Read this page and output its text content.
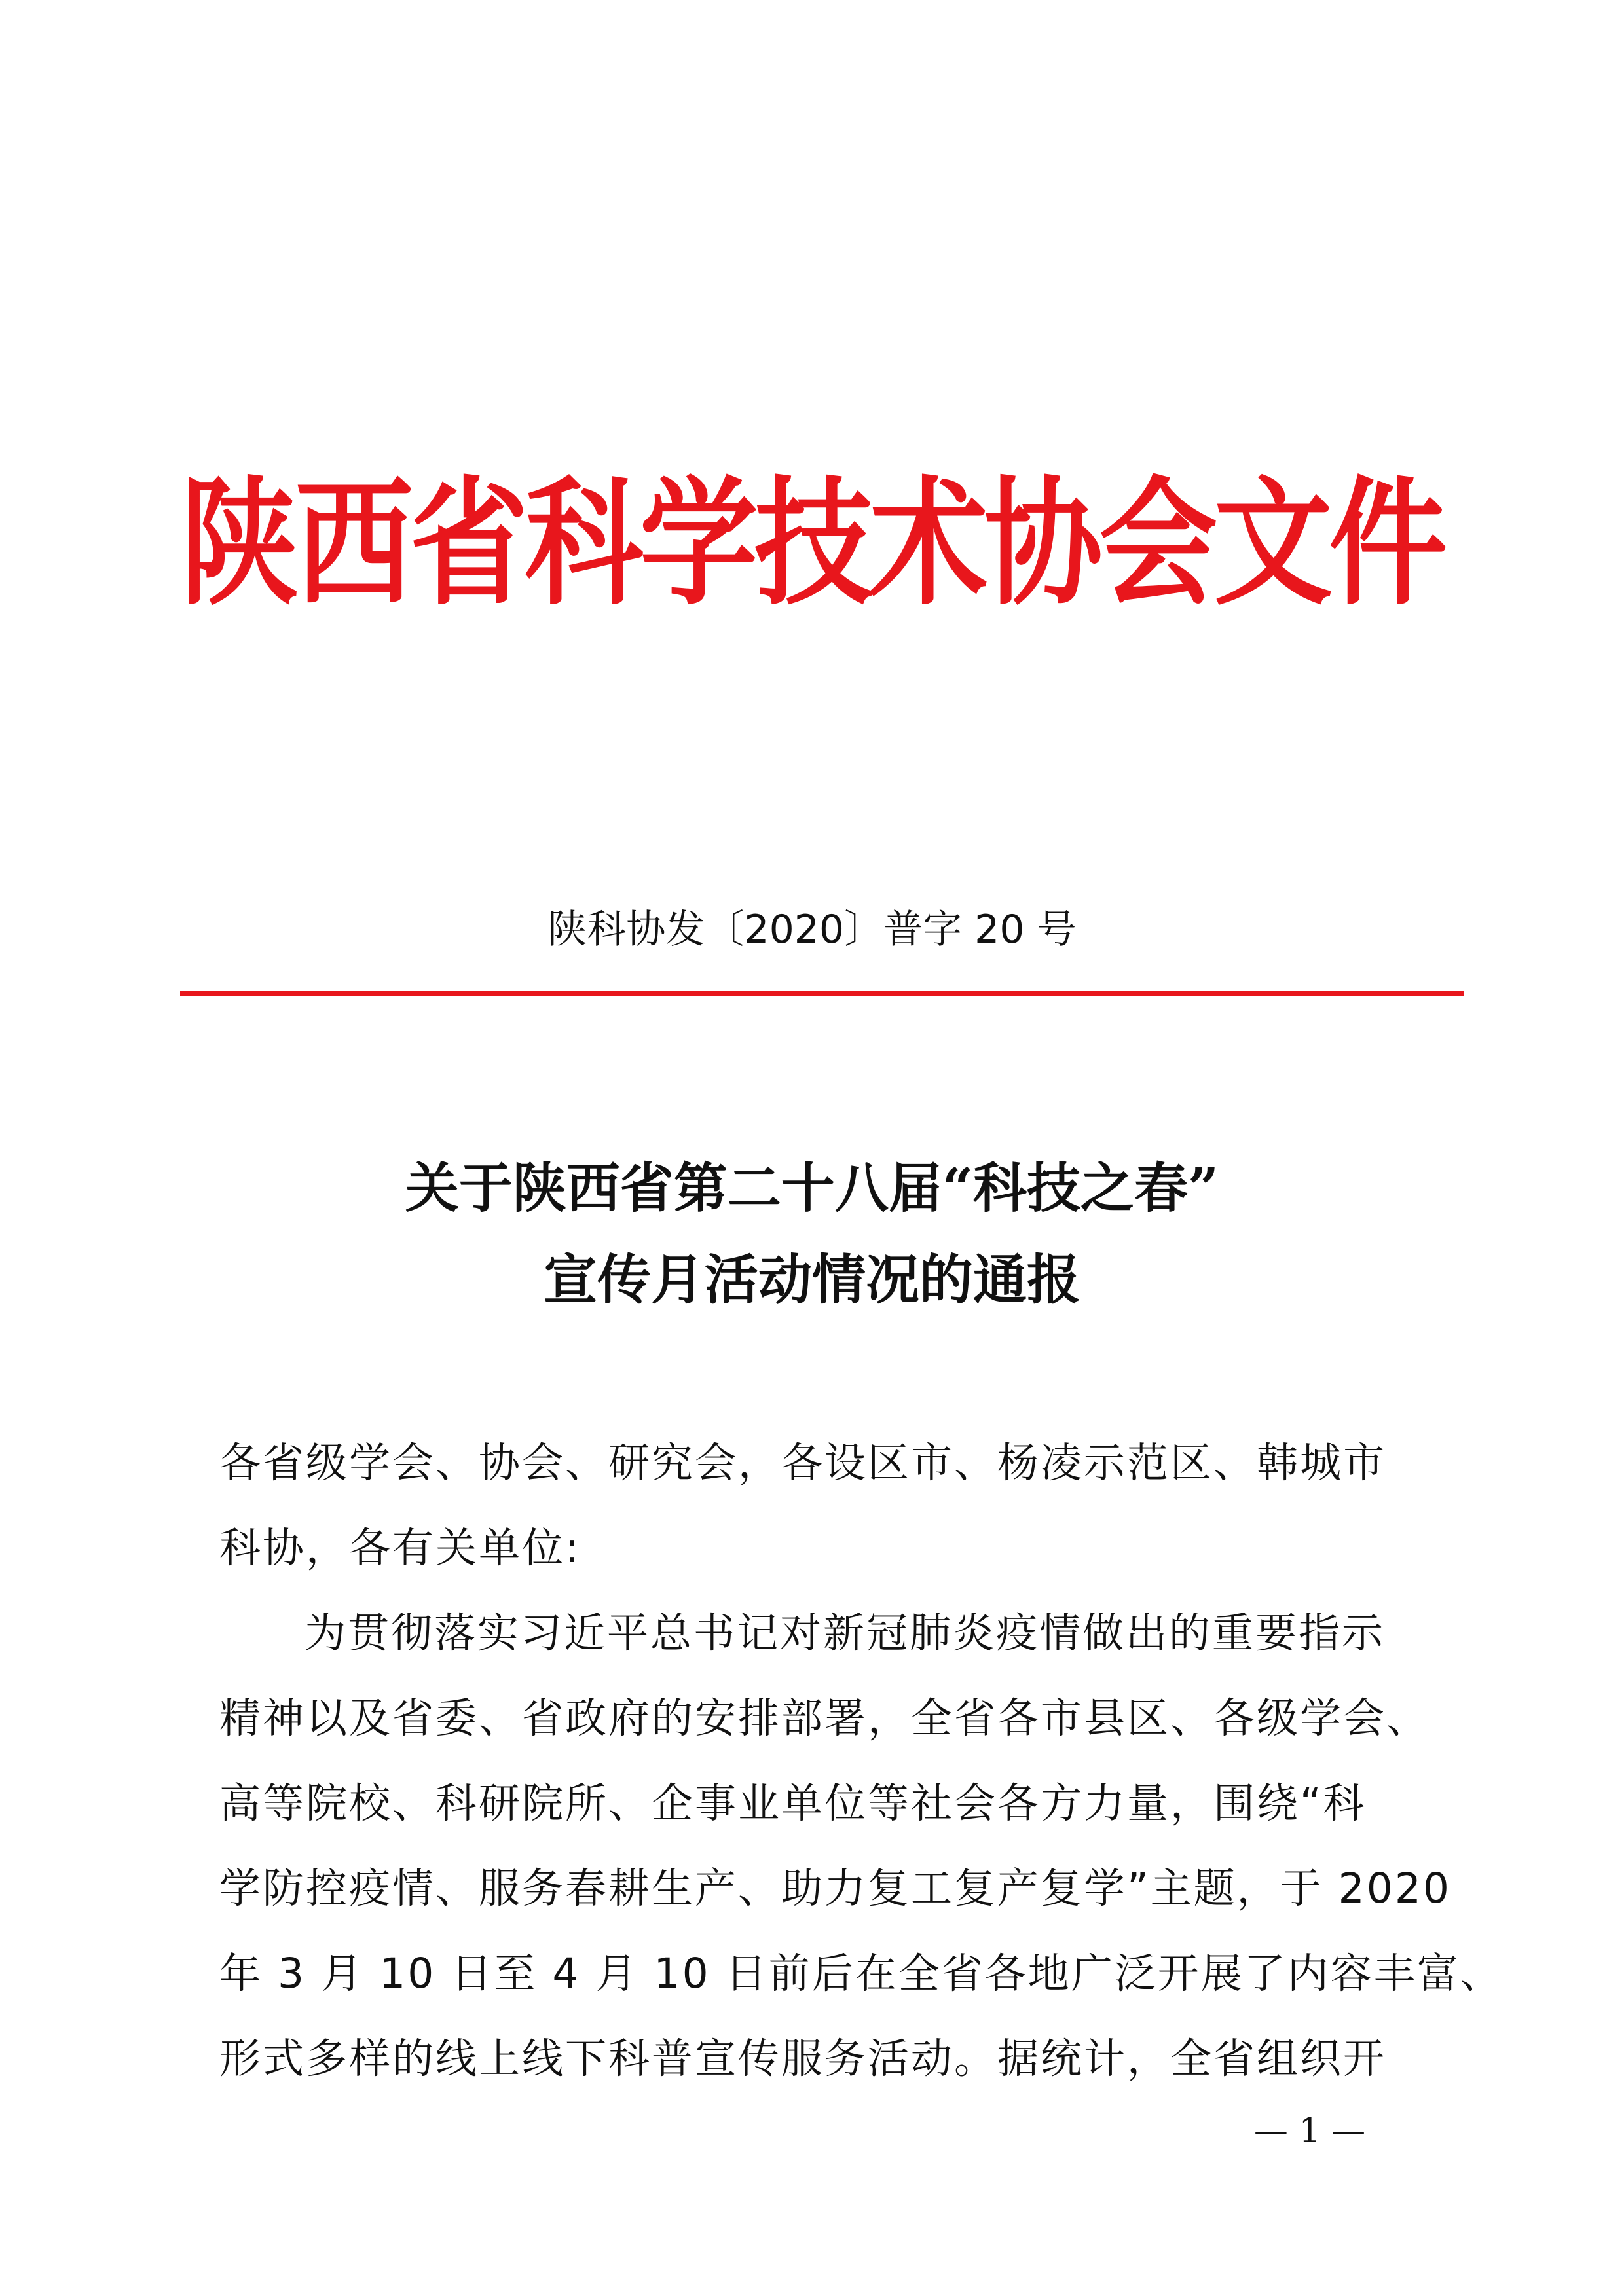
陕西省科学技术协会文件
陕科协发〔2020〕普字 20 号
关于陕西省第二十八届“科技之春”
宣传月活动情况的通报
各省级学会、协会、研究会，各设区市、杨凌示范区、韩城市
科协，各有关单位:
为贯彻落实习近平总书记对新冠肺炎疫情做出的重要指示
精神以及省委、省政府的安排部署，全省各市县区、各级学会、
高等院校、科研院所、企事业单位等社会各方力量，围绕“科
学防控疫情、服务春耕生产、助力复工复产复学”主题，于 2020
年 3 月 10 日至 4 月 10 日前后在全省各地广泛开展了内容丰富、
形式多样的线上线下科普宣传服务活动。据统计，全省组织开
— 1 —
